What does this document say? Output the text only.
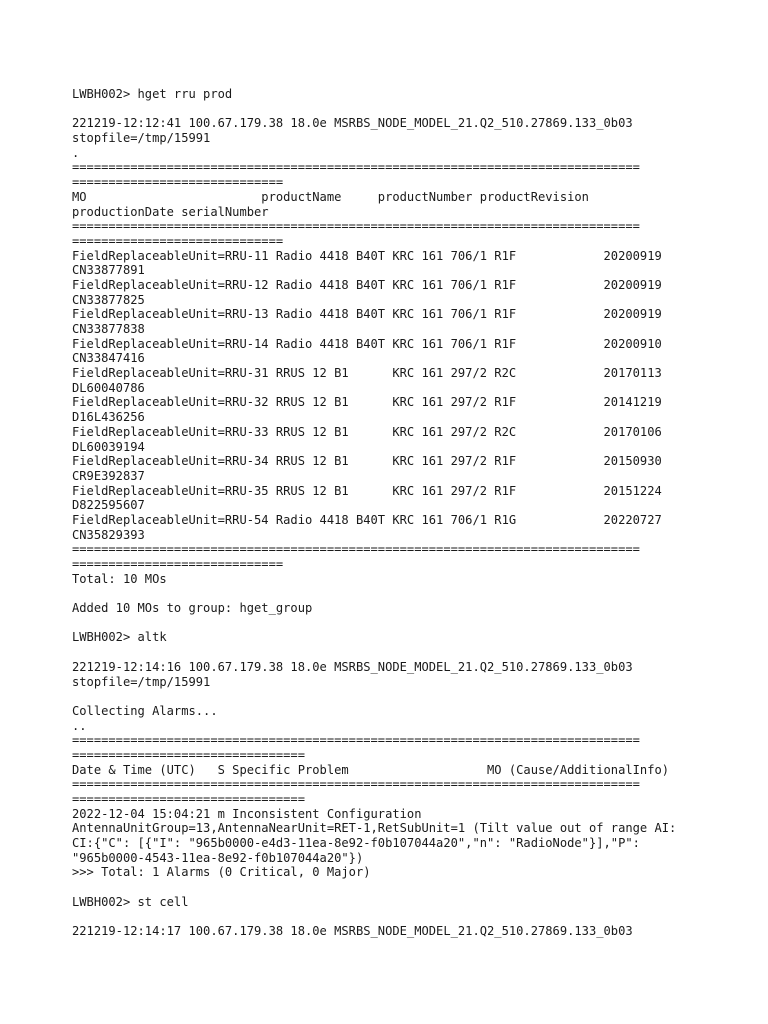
LWBH002> hget rru prod
221219-12:12:41 100.67.179.38 18.0e MSRBS_NODE_MODEL_21.Q2_510.27869.133_0b03
stopfile=/tmp/15991
.
==============================================================================
=============================
MO                        productName     productNumber productRevision
productionDate serialNumber
==============================================================================
=============================
FieldReplaceableUnit=RRU-11 Radio 4418 B40T KRC 161 706/1 R1F            20200919
CN33877891
FieldReplaceableUnit=RRU-12 Radio 4418 B40T KRC 161 706/1 R1F            20200919
CN33877825
FieldReplaceableUnit=RRU-13 Radio 4418 B40T KRC 161 706/1 R1F            20200919
CN33877838
FieldReplaceableUnit=RRU-14 Radio 4418 B40T KRC 161 706/1 R1F            20200910
CN33847416
FieldReplaceableUnit=RRU-31 RRUS 12 B1      KRC 161 297/2 R2C            20170113
DL60040786
FieldReplaceableUnit=RRU-32 RRUS 12 B1      KRC 161 297/2 R1F            20141219
D16L436256
FieldReplaceableUnit=RRU-33 RRUS 12 B1      KRC 161 297/2 R2C            20170106
DL60039194
FieldReplaceableUnit=RRU-34 RRUS 12 B1      KRC 161 297/2 R1F            20150930
CR9E392837
FieldReplaceableUnit=RRU-35 RRUS 12 B1      KRC 161 297/2 R1F            20151224
D822595607
FieldReplaceableUnit=RRU-54 Radio 4418 B40T KRC 161 706/1 R1G            20220727
CN35829393
==============================================================================
=============================
Total: 10 MOs
Added 10 MOs to group: hget_group
LWBH002> altk
221219-12:14:16 100.67.179.38 18.0e MSRBS_NODE_MODEL_21.Q2_510.27869.133_0b03
stopfile=/tmp/15991
Collecting Alarms...
..
==============================================================================
================================
Date & Time (UTC)   S Specific Problem                   MO (Cause/AdditionalInfo)
==============================================================================
================================
2022-12-04 15:04:21 m Inconsistent Configuration
AntennaUnitGroup=13,AntennaNearUnit=RET-1,RetSubUnit=1 (Tilt value out of range AI:
CI:{"C": [{"I": "965b0000-e4d3-11ea-8e92-f0b107044a20","n": "RadioNode"}],"P":
"965b0000-4543-11ea-8e92-f0b107044a20"})
>>> Total: 1 Alarms (0 Critical, 0 Major)
LWBH002> st cell
221219-12:14:17 100.67.179.38 18.0e MSRBS_NODE_MODEL_21.Q2_510.27869.133_0b03
